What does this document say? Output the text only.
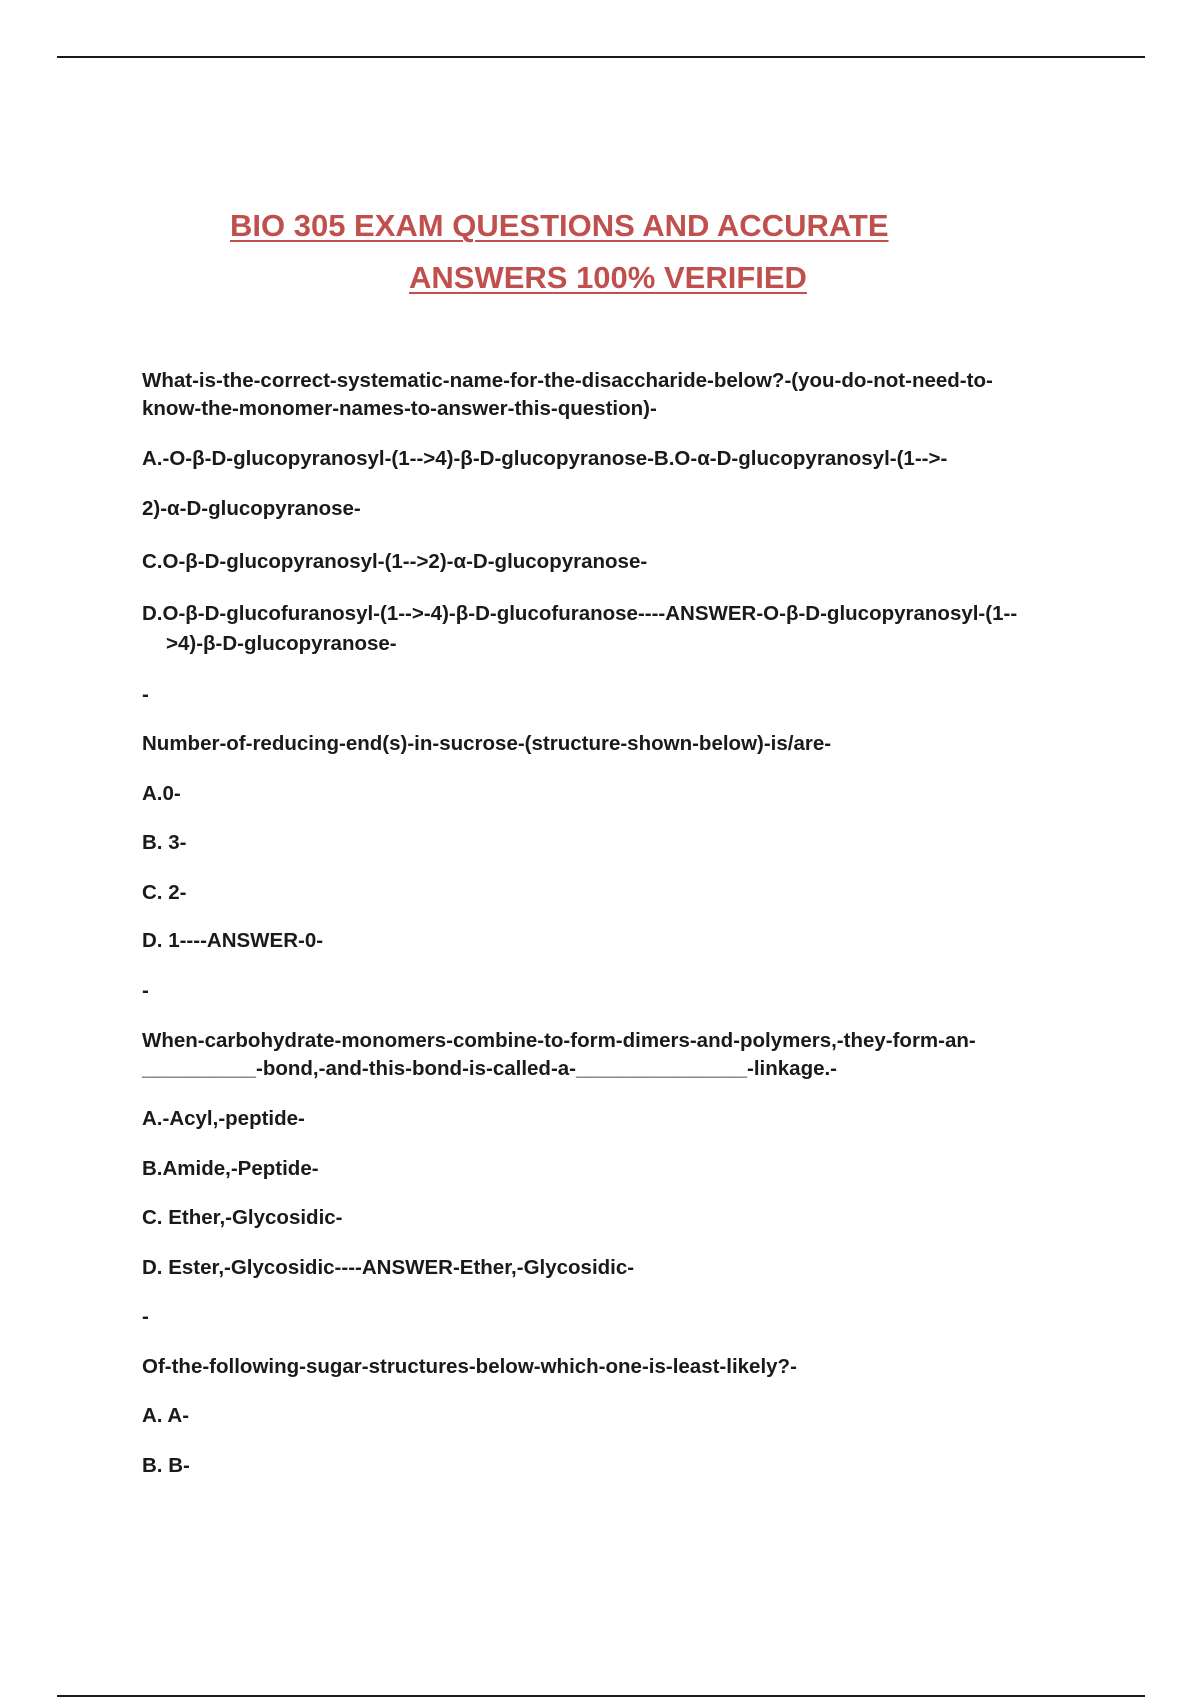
BIO 305 EXAM QUESTIONS AND ACCURATE
ANSWERS 100% VERIFIED
What-is-the-correct-systematic-name-for-the-disaccharide-below?-(you-do-not-need-to-
know-the-monomer-names-to-answer-this-question)-
A.-O-β-D-glucopyranosyl-(1-->4)-β-D-glucopyranose-B.O-α-D-glucopyranosyl-(1-->-
2)-α-D-glucopyranose-
C.O-β-D-glucopyranosyl-(1-->2)-α-D-glucopyranose-
D.O-β-D-glucofuranosyl-(1-->-4)-β-D-glucofuranose----ANSWER-O-β-D-glucopyranosyl-(1--
>4)-β-D-glucopyranose-
-
Number-of-reducing-end(s)-in-sucrose-(structure-shown-below)-is/are-
A.0-
B. 3-
C. 2-
D. 1----ANSWER-0-
-
When-carbohydrate-monomers-combine-to-form-dimers-and-polymers,-they-form-an-
__________-bond,-and-this-bond-is-called-a-_______________-linkage.-
A.-Acyl,-peptide-
B.Amide,-Peptide-
C. Ether,-Glycosidic-
D. Ester,-Glycosidic----ANSWER-Ether,-Glycosidic-
-
Of-the-following-sugar-structures-below-which-one-is-least-likely?-
A. A-
B. B-
